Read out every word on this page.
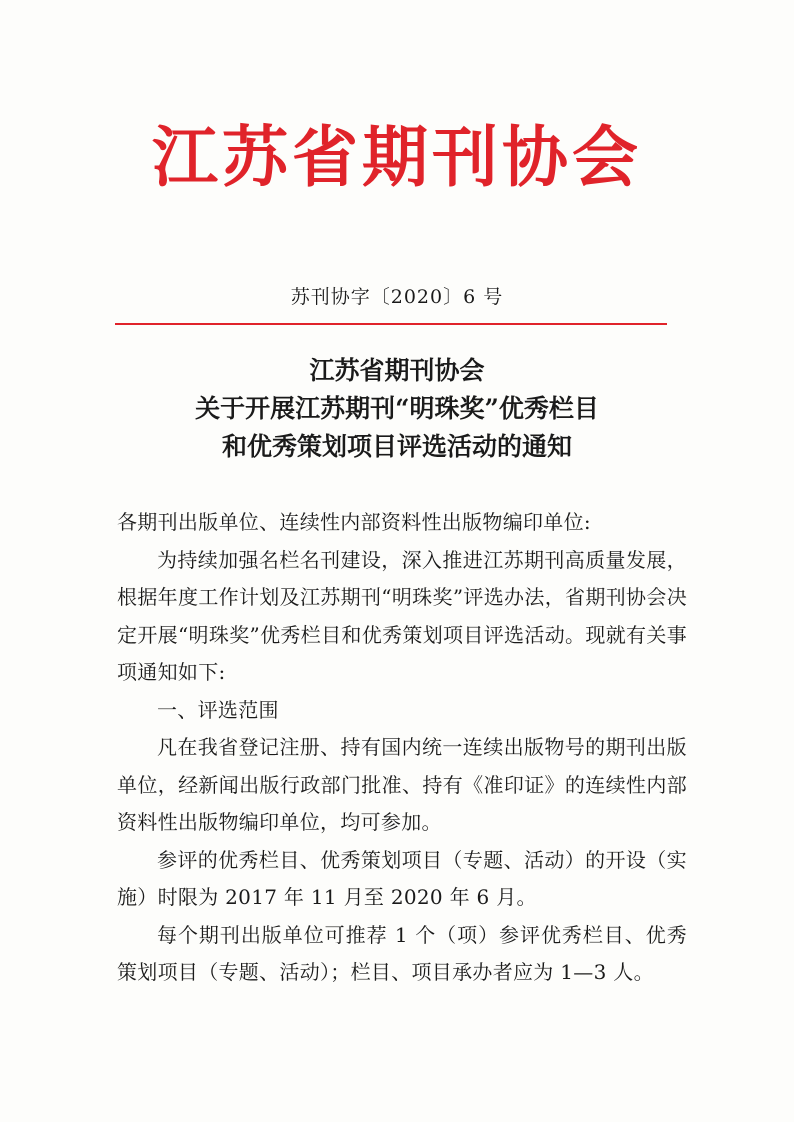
江苏省期刊协会
苏刊协字〔2020〕6 号
江苏省期刊协会
关于开展江苏期刊“明珠奖”优秀栏目
和优秀策划项目评选活动的通知

各期刊出版单位、连续性内部资料性出版物编印单位:

为持续加强名栏名刊建设，深入推进江苏期刊高质量发展，根据年度工作计划及江苏期刊“明珠奖”评选办法，省期刊协会决定开展“明珠奖”优秀栏目和优秀策划项目评选活动。现就有关事项通知如下:

一、评选范围

凡在我省登记注册、持有国内统一连续出版物号的期刊出版单位，经新闻出版行政部门批准、持有《准印证》的连续性内部资料性出版物编印单位，均可参加。

参评的优秀栏目、优秀策划项目（专题、活动）的开设（实施）时限为 2017 年 11 月至 2020 年 6 月。

每个期刊出版单位可推荐 1 个（项）参评优秀栏目、优秀策划项目（专题、活动）；栏目、项目承办者应为 1—3 人。
